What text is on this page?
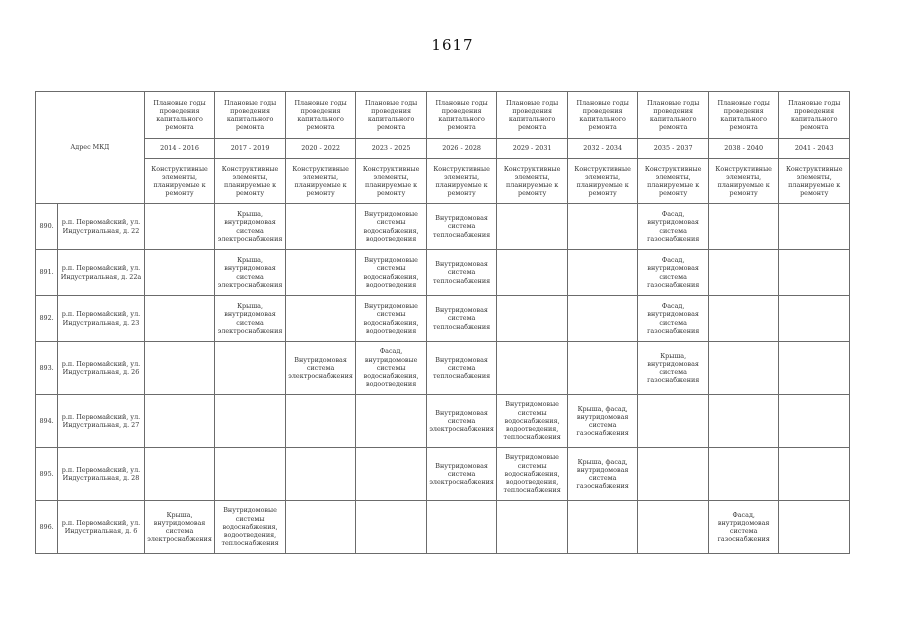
1617
Адрес МКД		Плановые годы проведения капитального ремонта	Плановые годы проведения капитального ремонта	Плановые годы проведения капитального ремонта	Плановые годы проведения капитального ремонта	Плановые годы проведения капитального ремонта	Плановые годы проведения капитального ремонта	Плановые годы проведения капитального ремонта	Плановые годы проведения капитального ремонта	Плановые годы проведения капитального ремонта	Плановые годы проведения капитального ремонта
		2014 - 2016	2017 - 2019	2020 - 2022	2023 - 2025	2026 - 2028	2029 - 2031	2032 - 2034	2035 - 2037	2038 - 2040	2041 - 2043
		Конструктивные элементы, планируемые к ремонту	Конструктивные элементы, планируемые к ремонту	Конструктивные элементы, планируемые к ремонту	Конструктивные элементы, планируемые к ремонту	Конструктивные элементы, планируемые к ремонту	Конструктивные элементы, планируемые к ремонту	Конструктивные элементы, планируемые к ремонту	Конструктивные элементы, планируемые к ремонту	Конструктивные элементы, планируемые к ремонту	Конструктивные элементы, планируемые к ремонту
890.	р.п. Первомайский, ул. Индустриальная, д. 22		Крыша, внутридомовая система электроснабжения		Внутридомовые системы водоснабжения, водоотведения	Внутридомовая система теплоснабжения			Фасад, внутридомовая система газоснабжения		
891.	р.п. Первомайский, ул. Индустриальная, д. 22а		Крыша, внутридомовая система электроснабжения		Внутридомовые системы водоснабжения, водоотведения	Внутридомовая система теплоснабжения			Фасад, внутридомовая система газоснабжения		
892.	р.п. Первомайский, ул. Индустриальная, д. 23		Крыша, внутридомовая система электроснабжения		Внутридомовые системы водоснабжения, водоотведения	Внутридомовая система теплоснабжения			Фасад, внутридомовая система газоснабжения		
893.	р.п. Первомайский, ул. Индустриальная, д. 26			Внутридомовая система электроснабжения	Фасад, внутридомовые системы водоснабжения, водоотведения	Внутридомовая система теплоснабжения			Крыша, внутридомовая система газоснабжения		
894.	р.п. Первомайский, ул. Индустриальная, д. 27					Внутридомовая система электроснабжения	Внутридомовые системы водоснабжения, водоотведения, теплоснабжения	Крыша, фасад, внутридомовая система газоснабжения			
895.	р.п. Первомайский, ул. Индустриальная, д. 28					Внутридомовая система электроснабжения	Внутридомовые системы водоснабжения, водоотведения, теплоснабжения	Крыша, фасад, внутридомовая система газоснабжения			
896.	р.п. Первомайский, ул. Индустриальная, д. 6	Крыша, внутридомовая система электроснабжения	Внутридомовые системы водоснабжения, водоотведения, теплоснабжения							Фасад, внутридомовая система газоснабжения	
